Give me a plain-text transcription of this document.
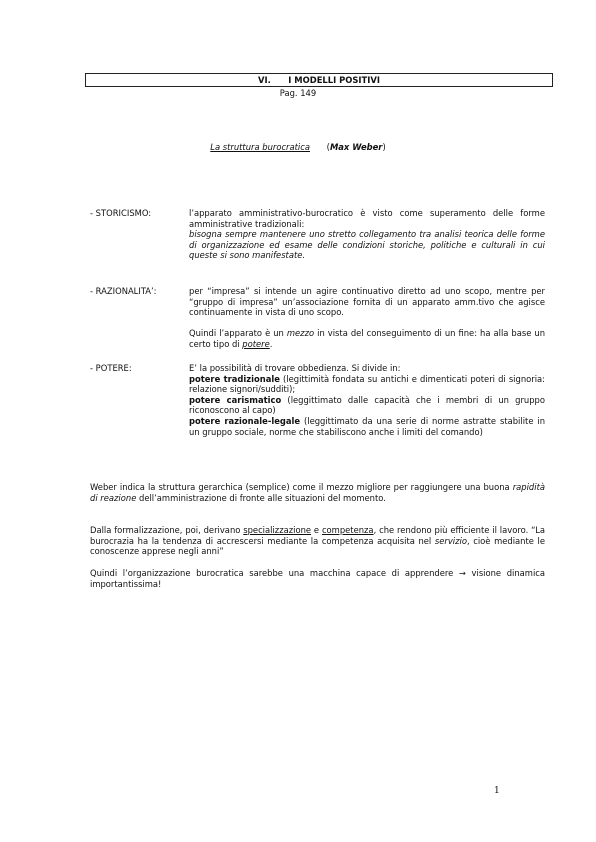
VI.      I MODELLI POSITIVI
Pag. 149
La struttura burocratica (Max Weber)
- STORICISMO:	l’apparato amministrativo-burocratico è visto come superamento delle forme amministrative tradizionali:

bisogna sempre mantenere uno stretto collegamento tra analisi teorica delle forme di organizzazione ed esame delle condizioni storiche, politiche e culturali in cui queste si sono manifestate.

- RAZIONALITA’:	per “impresa” si intende un agire continuativo diretto ad uno scopo, mentre per “gruppo di impresa” un’associazione fornita di un apparato amm.tivo che agisce continuamente in vista di uno scopo.

Quindi l’apparato è un mezzo in vista del conseguimento di un fine: ha alla base un certo tipo di potere.

- POTERE:	E’ la possibilità di trovare obbedienza. Si divide in:

potere tradizionale (legittimità fondata su antichi e dimenticati poteri di signoria: relazione signori/sudditi);

potere carismatico (leggittimato dalle capacità che i membri di un gruppo riconoscono al capo)

potere razionale-legale (leggittimato da una serie di norme astratte stabilite in un gruppo sociale, norme che stabiliscono anche i limiti del comando)

Weber indica la struttura gerarchica (semplice) come il mezzo migliore per raggiungere una buona rapidità di reazione dell’amministrazione di fronte alle situazioni del momento.
Dalla formalizzazione, poi, derivano specializzazione e competenza, che rendono più efficiente il lavoro. “La burocrazia ha la tendenza di accrescersi mediante la competenza acquisita nel servizio, cioè mediante le conoscenze apprese negli anni”
Quindi l’organizzazione burocratica sarebbe una macchina capace di apprendere → visione dinamica importantissima!
1
